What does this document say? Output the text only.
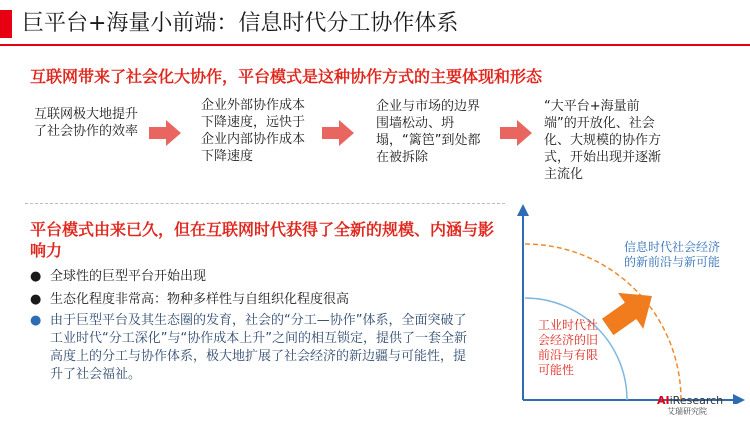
巨平台+海量小前端：信息时代分工协作体系
互联网带来了社会化大协作，平台模式是这种协作方式的主要体现和形态
互联网极大地提升了社会协作的效率
企业外部协作成本下降速度，远快于企业内部协作成本下降速度
企业与市场的边界围墙松动、坍塌，“篱笆”到处都在被拆除
“大平台+海量前端”的开放化、社会化、大规模的协作方式，开始出现并逐渐主流化
平台模式由来已久，但在互联网时代获得了全新的规模、内涵与影响力
● 全球性的巨型平台开始出现
● 生态化程度非常高：物种多样性与自组织化程度很高
● 由于巨型平台及其生态圈的发育，社会的“分工—协作”体系，全面突破了工业时代“分工深化”与“协作成本上升”之间的相互锁定，提供了一套全新高度上的分工与协作体系，极大地扩展了社会经济的新边疆与可能性，提升了社会福祉。
信息时代社会经济的新前沿与新可能
工业时代社会经济的旧前沿与有限可能性
AIiResearch
艾瑞研究院
